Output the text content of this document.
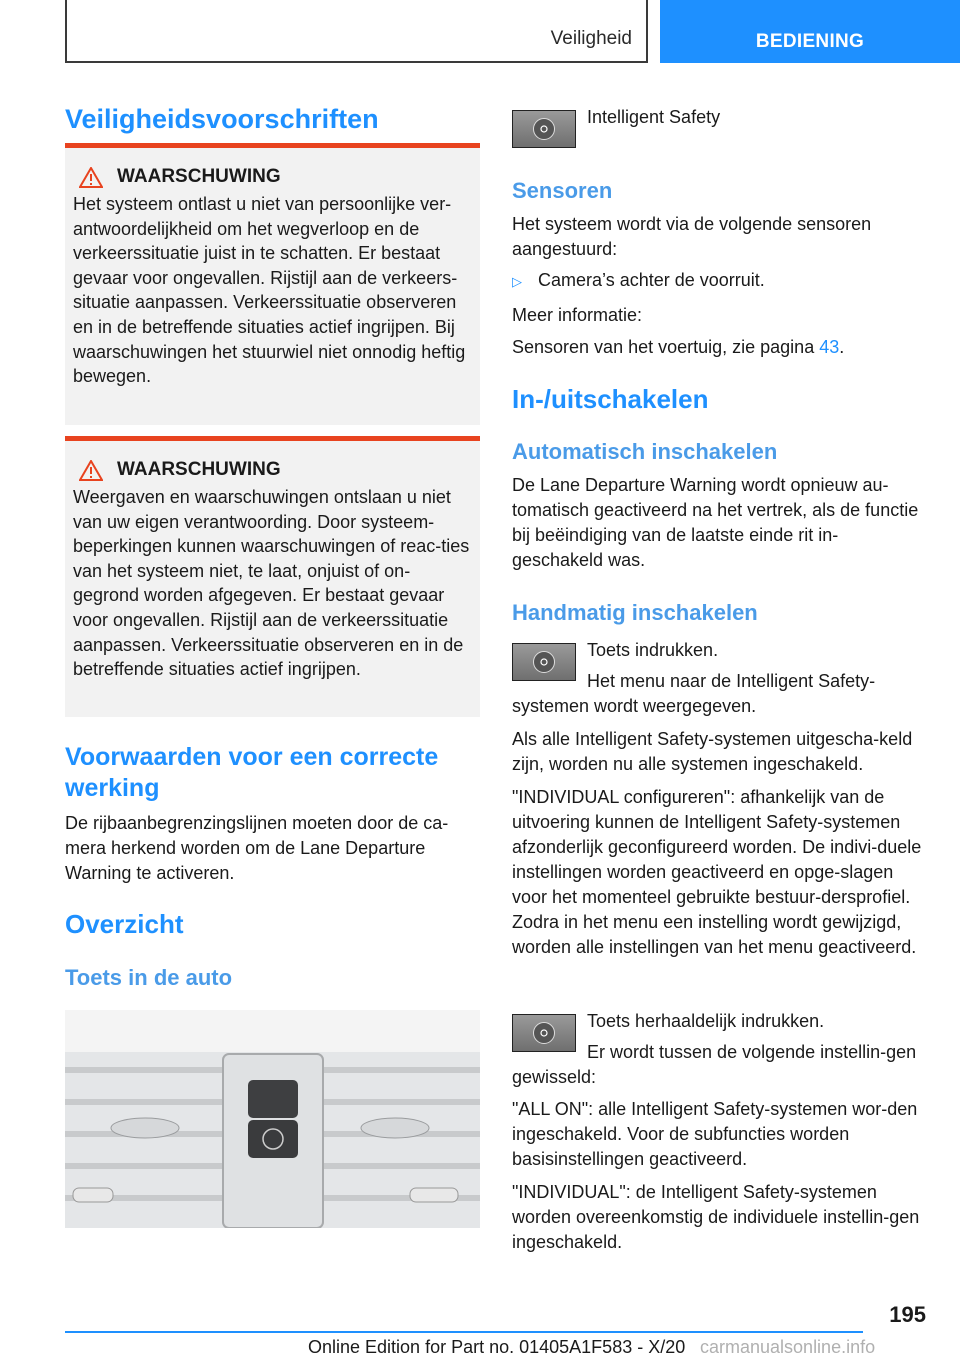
Veiligheid	BEDIENING
Veiligheidsvoorschriften
WAARSCHUWING
Het systeem ontlast u niet van persoonlijke ver-antwoordelijkheid om het wegverloop en de verkeerssituatie juist in te schatten. Er bestaat gevaar voor ongevallen. Rijstijl aan de verkeers-situatie aanpassen. Verkeerssituatie observeren en in de betreffende situaties actief ingrijpen. Bij waarschuwingen het stuurwiel niet onnodig heftig bewegen.
WAARSCHUWING
Weergaven en waarschuwingen ontslaan u niet van uw eigen verantwoording. Door systeem-beperkingen kunnen waarschuwingen of reac-ties van het systeem niet, te laat, onjuist of on-gegrond worden afgegeven. Er bestaat gevaar voor ongevallen. Rijstijl aan de verkeerssituatie aanpassen. Verkeerssituatie observeren en in de betreffende situaties actief ingrijpen.
Voorwaarden voor een correcte werking

De rijbaanbegrenzingslijnen moeten door de ca-mera herkend worden om de Lane Departure Warning te activeren.

Overzicht
Toets in de auto

Intelligent Safety

Sensoren

Het systeem wordt via de volgende sensoren aangestuurd:

▷ Camera’s achter de voorruit.

Meer informatie:

Sensoren van het voertuig, zie pagina 43.

In-/uitschakelen
Automatisch inschakelen

De Lane Departure Warning wordt opnieuw au-tomatisch geactiveerd na het vertrek, als de functie bij beëindiging van de laatste einde rit in-geschakeld was.

Handmatig inschakelen

Toets indrukken.

Het menu naar de Intelligent Safety-systemen wordt weergegeven.

Als alle Intelligent Safety-systemen uitgescha-keld zijn, worden nu alle systemen ingeschakeld.

"INDIVIDUAL configureren": afhankelijk van de uitvoering kunnen de Intelligent Safety-systemen afzonderlijk geconfigureerd worden. De indivi-duele instellingen worden geactiveerd en opge-slagen voor het momenteel gebruikte bestuur-dersprofiel. Zodra in het menu een instelling wordt gewijzigd, worden alle instellingen van het menu geactiveerd.

Toets herhaaldelijk indrukken.

Er wordt tussen de volgende instellin-gen gewisseld:

"ALL ON": alle Intelligent Safety-systemen wor-den ingeschakeld. Voor de subfuncties worden basisinstellingen geactiveerd.

"INDIVIDUAL": de Intelligent Safety-systemen worden overeenkomstig de individuele instellin-gen ingeschakeld.

195
Online Edition for Part no. 01405A1F583 - X/20 carmanualsonline.info
